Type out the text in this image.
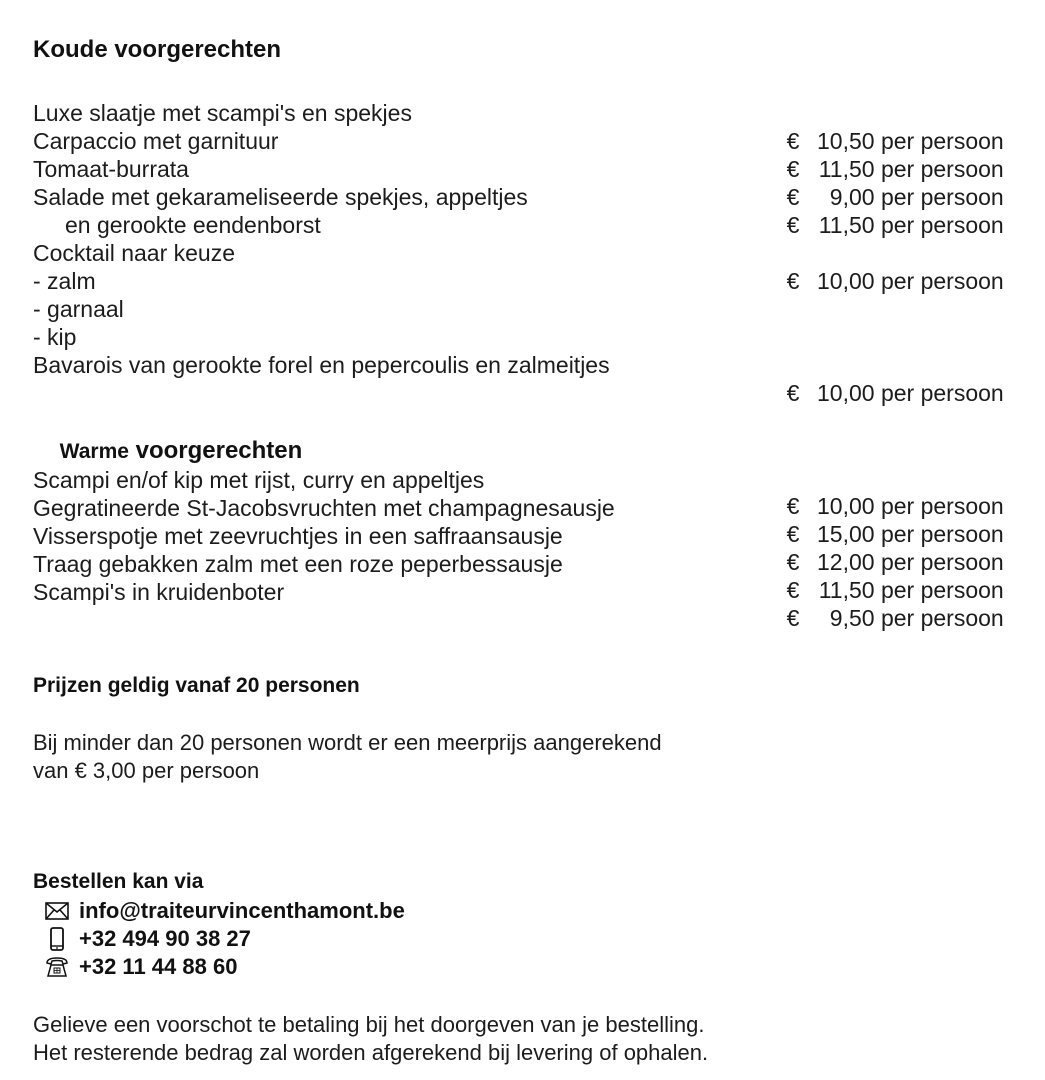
Koude voorgerechten
Luxe slaatje met scampi's en spekjes

€ 10,50 per persoon

Carpaccio met garnituur

€ 11,50 per persoon

Tomaat-burrata

€ 9,00 per persoon

Salade met gekarameliseerde spekjes, appeltjes

€ 11,50 per persoon

en gerookte eendenborst
Cocktail naar keuze

€ 10,00 per persoon

- zalm
- garnaal
- kip
Bavarois van gerookte forel en pepercoulis en zalmeitjes

€ 10,00 per persoon

Warme voorgerechten

Scampi en/of kip met rijst, curry en appeltjes

€ 10,00 per persoon

Gegratineerde St-Jacobsvruchten met champagnesausje

€ 15,00 per persoon

Visserspotje met zeevruchtjes in een saffraansausje

€ 12,00 per persoon

Traag gebakken zalm met een roze peperbessausje

€ 11,50 per persoon

Scampi's in kruidenboter

€ 9,50 per persoon

Prijzen geldig vanaf 20 personen
Bij minder dan 20 personen wordt er een meerprijs aangerekend
van € 3,00 per persoon
Bestellen kan via
info@traiteurvincenthamont.be
+32 494 90 38 27
+32 11 44 88 60
Gelieve een voorschot te betaling bij het doorgeven van je bestelling.
Het resterende bedrag zal worden afgerekend bij levering of ophalen.
